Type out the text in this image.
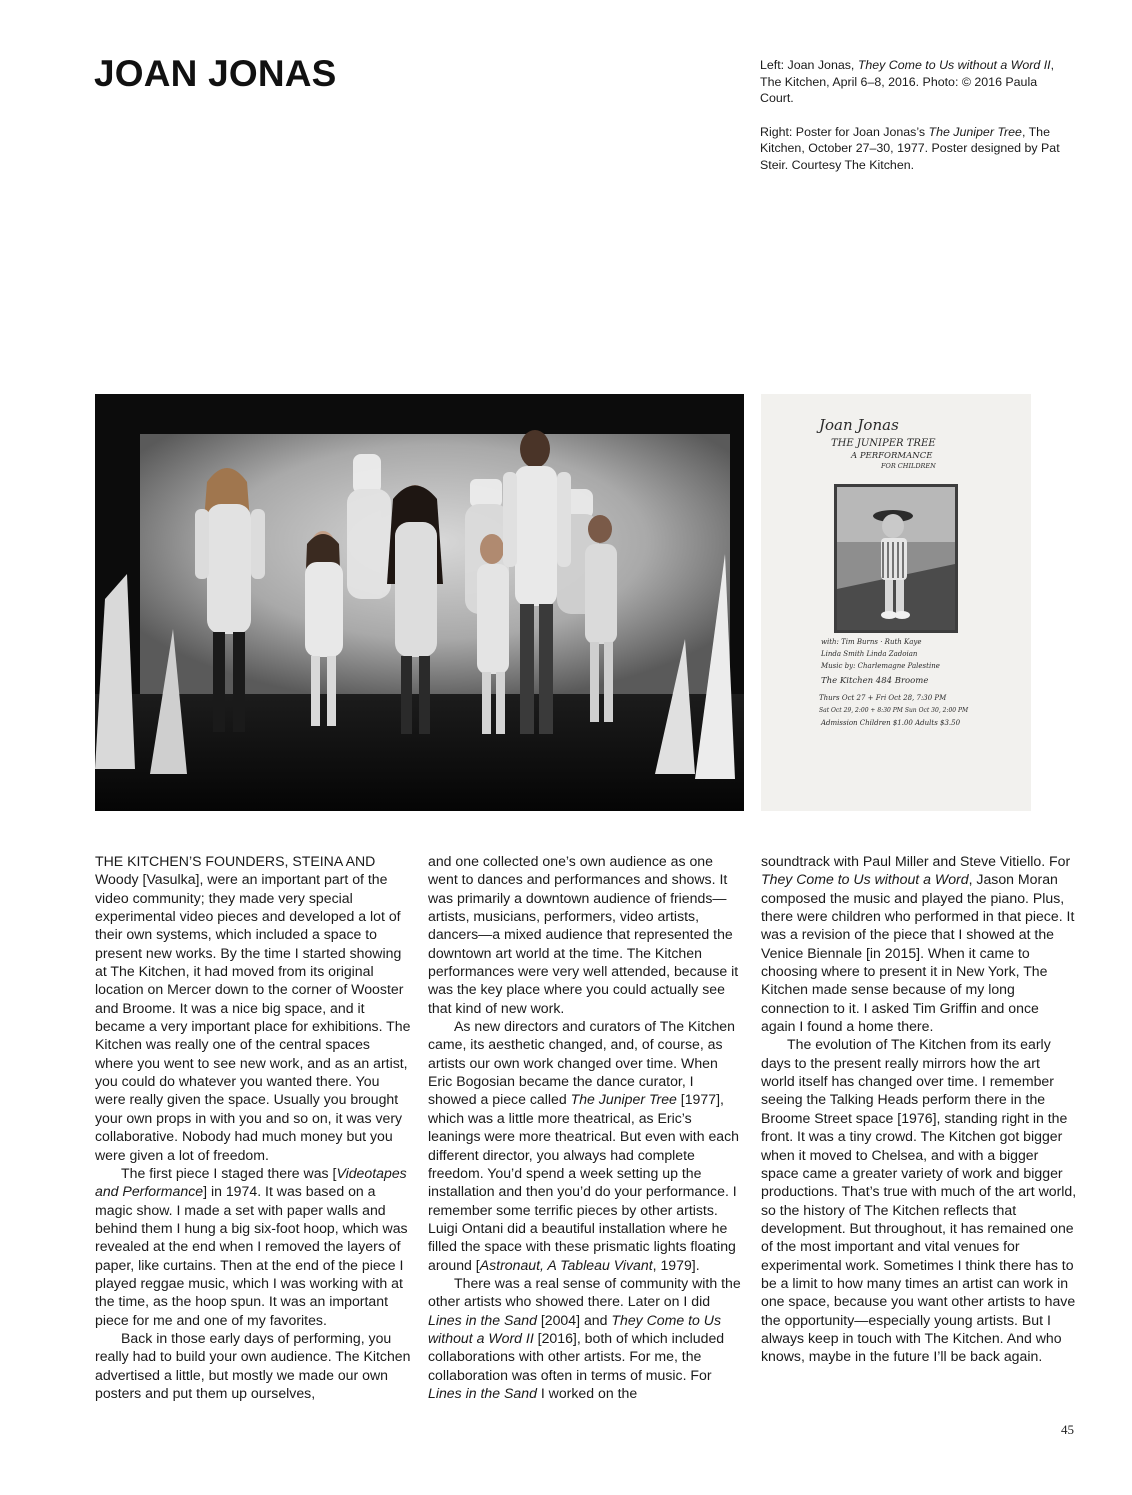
JOAN JONAS	Left: Joan Jonas, They Come to Us without a Word II, The Kitchen, April 6–8, 2016. Photo: © 2016 Paula Court.

Right: Poster for Joan Jonas’s The Juniper Tree, The Kitchen, October 27–30, 1977. Poster designed by Pat Steir. Courtesy The Kitchen.

Joan Jonas
THE JUNIPER TREE
A PERFORMANCE
FOR CHILDREN
with: Tim Burns · Ruth Kaye
Linda Smith Linda Zadoian
Music by: Charlemagne Palestine
The Kitchen 484 Broome
Thurs Oct 27 + Fri Oct 28, 7:30 PM
Sat Oct 29, 2:00 + 8:30 PM Sun Oct 30, 2:00 PM
Admission Children $1.00 Adults $3.50

THE KITCHEN’S FOUNDERS, STEINA AND Woody [Vasulka], were an important part of the video community; they made very special experimental video pieces and developed a lot of their own systems, which included a space to present new works. By the time I started showing at The Kitchen, it had moved from its original location on Mercer down to the corner of Wooster and Broome. It was a nice big space, and it became a very important place for exhibitions. The Kitchen was really one of the central spaces where you went to see new work, and as an artist, you could do whatever you wanted there. You were really given the space. Usually you brought your own props in with you and so on, it was very collaborative. Nobody had much money but you were given a lot of freedom.

The first piece I staged there was [Videotapes and Performance] in 1974. It was based on a magic show. I made a set with paper walls and behind them I hung a big six-foot hoop, which was revealed at the end when I removed the layers of paper, like curtains. Then at the end of the piece I played reggae music, which I was working with at the time, as the hoop spun. It was an important piece for me and one of my favorites.

Back in those early days of performing, you really had to build your own audience. The Kitchen advertised a little, but mostly we made our own posters and put them up ourselves,

and one collected one’s own audience as one went to dances and performances and shows. It was primarily a downtown audience of friends—artists, musicians, performers, video artists, dancers—a mixed audience that represented the downtown art world at the time. The Kitchen performances were very well attended, because it was the key place where you could actually see that kind of new work.

As new directors and curators of The Kitchen came, its aesthetic changed, and, of course, as artists our own work changed over time. When Eric Bogosian became the dance curator, I showed a piece called The Juniper Tree [1977], which was a little more theatrical, as Eric’s leanings were more theatrical. But even with each different director, you always had complete freedom. You’d spend a week setting up the installation and then you’d do your performance. I remember some terrific pieces by other artists. Luigi Ontani did a beautiful installation where he filled the space with these prismatic lights floating around [Astronaut, A Tableau Vivant, 1979].

There was a real sense of community with the other artists who showed there. Later on I did Lines in the Sand [2004] and They Come to Us without a Word II [2016], both of which included collaborations with other artists. For me, the collaboration was often in terms of music. For Lines in the Sand I worked on the

soundtrack with Paul Miller and Steve Vitiello. For They Come to Us without a Word, Jason Moran composed the music and played the piano. Plus, there were children who performed in that piece. It was a revision of the piece that I showed at the Venice Biennale [in 2015]. When it came to choosing where to present it in New York, The Kitchen made sense because of my long connection to it. I asked Tim Griffin and once again I found a home there.

The evolution of The Kitchen from its early days to the present really mirrors how the art world itself has changed over time. I remember seeing the Talking Heads perform there in the Broome Street space [1976], standing right in the front. It was a tiny crowd. The Kitchen got bigger when it moved to Chelsea, and with a bigger space came a greater variety of work and bigger productions. That’s true with much of the art world, so the history of The Kitchen reflects that development. But throughout, it has remained one of the most important and vital venues for experimental work. Sometimes I think there has to be a limit to how many times an artist can work in one space, because you want other artists to have the opportunity—especially young artists. But I always keep in touch with The Kitchen. And who knows, maybe in the future I’ll be back again.

45
